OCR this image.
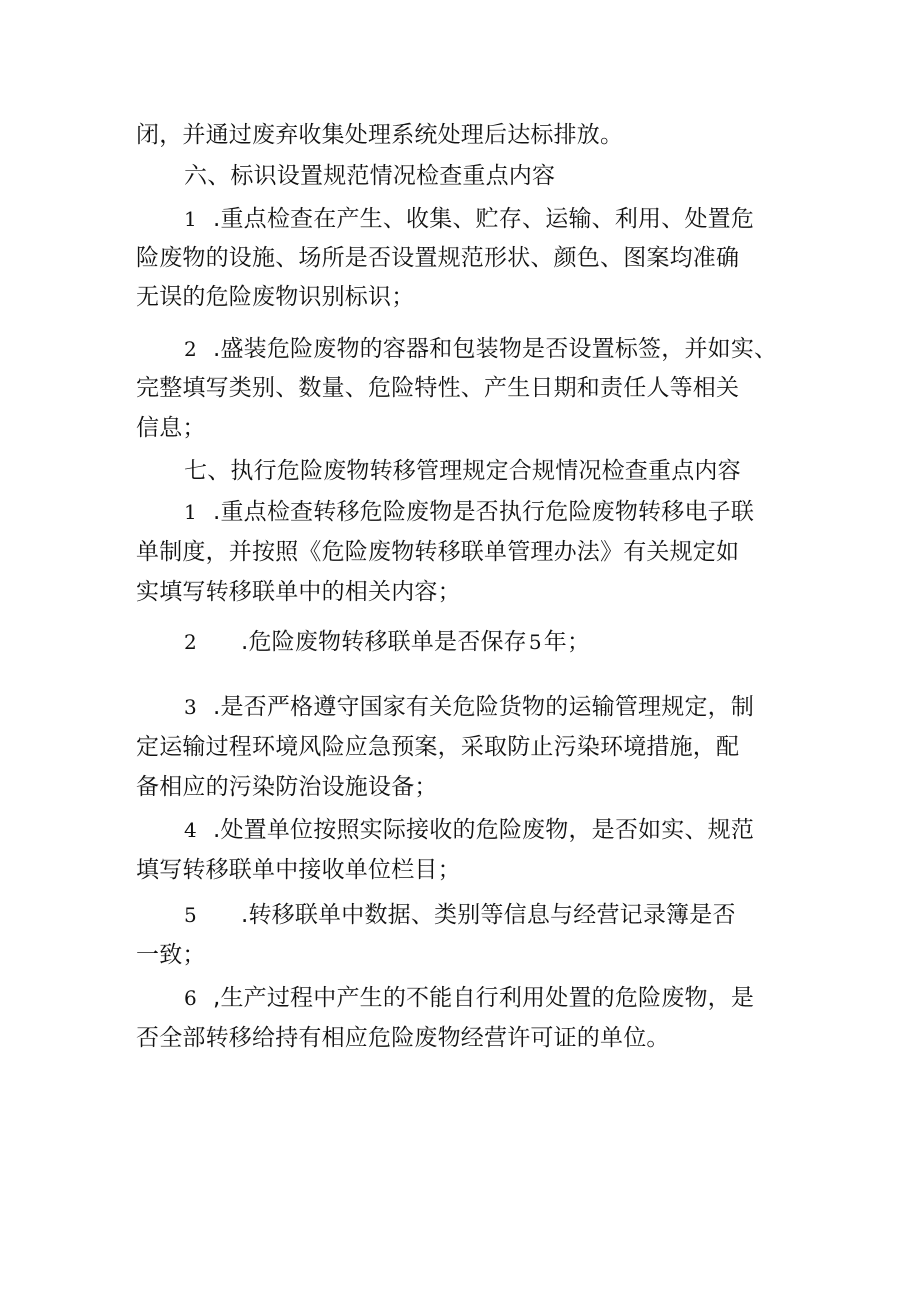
闭，并通过废弃收集处理系统处理后达标排放。
六、标识设置规范情况检查重点内容
1 .重点检查在产生、收集、贮存、运输、利用、处置危
险废物的设施、场所是否设置规范形状、颜色、图案均准确
无误的危险废物识别标识；
2 .盛装危险废物的容器和包装物是否设置标签，并如实、
完整填写类别、数量、危险特性、产生日期和责任人等相关
信息；
七、执行危险废物转移管理规定合规情况检查重点内容
1 .重点检查转移危险废物是否执行危险废物转移电子联
单制度，并按照《危险废物转移联单管理办法》有关规定如
实填写转移联单中的相关内容；
2 .危险废物转移联单是否保存 5年；
3 .是否严格遵守国家有关危险货物的运输管理规定，制
定运输过程环境风险应急预案，采取防止污染环境措施，配
备相应的污染防治设施设备；
4 .处置单位按照实际接收的危险废物，是否如实、规范
填写转移联单中接收单位栏目；
5 .转移联单中数据、类别等信息与经营记录簿是否
一致；
6 ,生产过程中产生的不能自行利用处置的危险废物，是
否全部转移给持有相应危险废物经营许可证的单位。
